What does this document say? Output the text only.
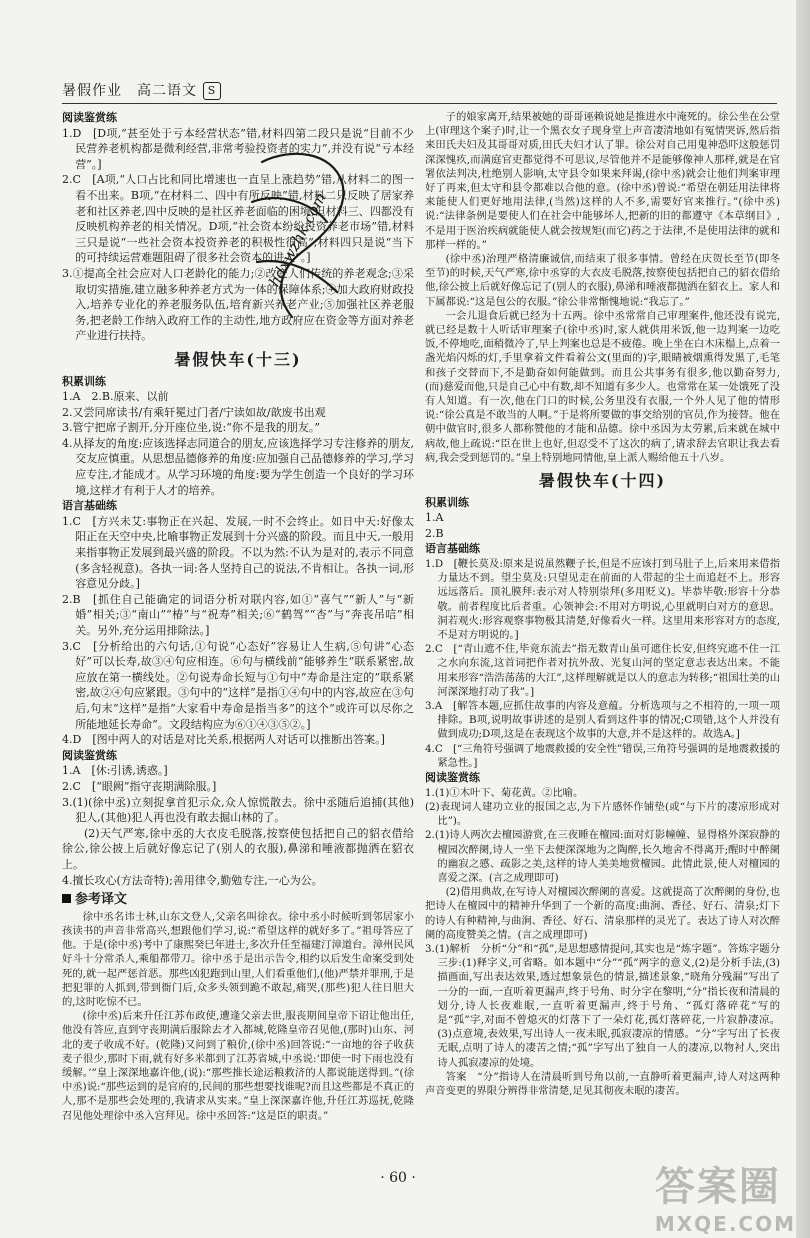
暑假作业　高二语文 S

阅读鉴赏练

1.D　[D项,“甚至处于亏本经营状态”错,材料四第二段只是说“目前不少民营养老机构都是微利经营,非常考验投资者的实力”,并没有说“亏本经营”。]

2.C　[A项,“人口占比和同比增速也一直呈上涨趋势”错,从材料二的图一看不出来。B项,“在材料二、四中有所反映”错,材料二只反映了居家养老和社区养老,四中反映的是社区养老面临的困境,但材料三、四都没有反映机构养老的相关情况。D项,“社会资本纷纷投资养老市场”错,材料三只是说“一些社会资本投资养老的积极性很高”,材料四只是说“当下的可持续运营难题阻碍了很多社会资本的进入”。]

3.①提高全社会应对人口老龄化的能力;②改变人们传统的养老观念;③采取切实措施,建立融多种养老方式为一体的保障体系;④加大政府财政投入,培养专业化的养老服务队伍,培育新兴养老产业;⑤加强社区养老服务,把老龄工作纳入政府工作的主动性,地方政府应在资金等方面对养老产业进行扶持。

暑假快车(十三)

积累训练

1.A　2.B.原来、以前

2.又尝同席读书/有乘轩冕过门者/宁读如故/歆废书出观

3.管宁把席子割开,分开座位坐,说:“你不是我的朋友。”

4.从择友的角度:应该选择志同道合的朋友,应该选择学习专注修养的朋友,交友应慎重。从思想品德修养的角度:应加强自己品德修养的学习,学习应专注,才能成才。从学习环境的角度:要为学生创造一个良好的学习环境,这样才有利于人才的培养。

语言基础练

1.C　[方兴未艾:事物正在兴起、发展,一时不会终止。如日中天:好像太阳正在天空中央,比喻事物正发展到十分兴盛的阶段。而且中天,一般用来指事物正发展到最兴盛的阶段。不以为然:不认为是对的,表示不同意(多含轻视意)。各执一词:各人坚持自己的说法,不肯相让。各执一词,形容意见分歧。]

2.B　[抓住自己能确定的词语分析对联内容,如①“喜气”“新人”与“新婚”相关;③“南山”“椿”与“祝寿”相关;⑥“鹤驾”“杏”与“奔丧吊唁”相关。另外,充分运用排除法。]

3.C　[分析给出的六句话,①句说“心态好”容易让人生病,⑤句讲“心态好”可以长寿,故③④句应相连。⑥句与横线前“能够养生”联系紧密,故应放在第一横线处。②句说寿命长短与①句中“寿命是注定的”联系紧密,故②④句应紧跟。③句中的“这样”是指①④句中的内容,故应在③句后,句末“这样”是指“大家看中寿命是指当多”的这个“或许可以尽你之所能地延长寿命”。文段结构应为⑥①④③⑤②。]

4.D　[图中两人的对话是对比关系,根据两人对话可以推断出答案。]

阅读鉴赏练

1.A　[休:引诱,诱惑。]

2.C　[“眼阙”指守丧期满除服。]

3.(1)(徐中丞)立刻捉拿首犯示众,众人惊慌散去。徐中丞随后追捕(其他)犯人,(其他)犯人再也没有敢去掘山林的了。

(2)天气严寒,徐中丞的大衣皮毛脱落,按察使包括把自己的貂衣借给徐公,徐公披上后就好像忘记了(别人的衣服),鼻涕和唾液都抛洒在貂衣上。

4.擅长攻心(方法奇特);善用律令,勤勉专注,一心为公。

参考译文

徐中丞名讳士林,山东文登人,父亲名叫徐衣。徐中丞小时候听到邻居家小孩读书的声音非常高兴,想跟他们学习,说:“希望这样的就好多了。”祖母答应了他。于是(徐中丞)考中了康熙癸巳年进士,多次升任至福建汀漳道台。漳州民风好斗十分常杀人,乘船都带刀。徐中丞于是出示告令,相约以后发生命案受到处死的,就一起严惩首恶。那些凶犯跑到山里,人们看重他们,(他)严禁并罪刑,于是把犯罪的人抓到,带到衙门后,众多头领到跪不敢起,痛哭,(那些)犯人往日胆大的,这时吃惊不已。

(徐中丞)后来升任江苏布政使,遭逢父亲去世,服丧期间皇帝下诏让他出任,他没有答应,直到守丧期满后服除去才入都城,乾隆皇帝召见他,(那时)山东、河北的麦子收成不好。(乾隆)又问到了粮价,(徐中丞)回答说:“一亩地的谷子收获麦子很少,那时下雨,就有好多米都到了江苏省城,中丞说:‘即使一时下雨也没有缓解。’”皇上深深地嘉许他,(说):“那些推长途运粮救济的人都说能送得到。”(徐中丞)说:“那些运到的是官府的,民间的那些想要找谁呢?而且这些都是不真正的人,那不是那些会处理的,我请求从实来。”皇上深深嘉许他,升任江苏巡抚,乾隆召见他处理徐中丞入宫拜见。徐中丞回答:“这是臣的职责。”

子的娘家离开,结果被她的哥哥诬赖说她是推进水中淹死的。徐公坐在公堂上(审理这个案子)时,让一个黑衣女子现身堂上声音凄清地如有冤情哭诉,然后指来田氏夫妇及其哥哥对质,田氏夫妇才认了罪。徐公对自己用鬼神恐吓这般惩罚深深愧疚,而满庭官吏都觉得不可思议,尽管他并不是能够像神人那样,就是在官署依法判决,杜绝别人影响,太守县令如果来拜谒,(徐中丞)就会让他们判案审理好了再来,但太守和县令都难以合他的意。(徐中丞)曾说:“希望在朝廷用法律将来能使人们更好地用法律,(当然)这样的人不多,需要好官来推行。”(徐中丞)说:“法律条例是要使人们在社会中能够坏人,把新的旧的都遵守《本草纲目》,不是用于医治疾病就能使人就会按规矩(而它)药之于法律,不是使用法律的就和那样一样的。”

(徐中丞)治理严格清廉诚信,而结束了很多事情。曾经在庆贺长至节(即冬至节)的时候,天气严寒,徐中丞穿的大衣皮毛脱落,按察使包括把自己的貂衣借给他,徐公披上后就好像忘记了(别人的衣服),鼻涕和唾液都抛洒在貂衣上。家人和下属都说:“这是包公的衣服。”徐公非常惭愧地说:“我忘了。”

一会儿退食后就已经为十五两。徐中丞常常自己审理案件,他还没有说完,就已经是数十人听话审理案子(徐中丞)时,家人就供用米饭,他一边判案一边吃饭,不停地吃,面稍微冷了,早上判案也总是不疲倦。晚上坐在白木床榻上,点着一盏光焰闪烁的灯,手里拿着文件看着公文(里面的)字,眼睛被烟熏得发黑了,毛笔和孩子交替而下,不是勤奋如何能做到。而且公共事务有很多,他以勤奋努力,(而)慈爱而他,只是自己心中有数,却不知道有多少人。也常常在某一处饿死了没有人知道。有一次,他在门口的时候,公务里没有衣服,一个外人见了他的情形说:“徐公真是不敢当的人啊。”于是将所要做的事交给别的官员,作为接替。他在朝中做官时,很多人都称赞他的才能和品德。徐中丞因为太劳累,后来就在城中病故,他上疏说:“臣在世上也好,但忍受不了这次的病了,请求辞去官职让我去看病,我会受到惩罚的。”皇上特别地同情他,皇上派人赐给他五十八岁。

暑假快车(十四)

积累训练

1.A

2.B

语言基础练

1.D　[鞭长莫及:原来是说虽然鞭子长,但是不应该打到马肚子上,后来用来借指力量达不到。望尘莫及:只望见走在前面的人带起的尘土而追赶不上。形容远远落后。顶礼膜拜:表示对人特别崇拜(多用贬义)。毕恭毕敬:形容十分恭敬。前者程度比后者重。心领神会:不用对方明说,心里就明白对方的意思。洞若观火:形容观察事物极其清楚,好像看火一样。这里用来形容对方的态度,不是对方明说的。]

2.C　[“青山遮不住,毕竟东流去”指无数青山虽可遮住长安,但终究遮不住一江之水向东流,这首词把作者对抗外敌、光复山河的坚定意志表达出来。不能用来形容“浩浩荡荡的大江”,这样理解就是以人的意志为转移;“祖国壮美的山河深深地打动了我”。]

3.A　[解答本题,应抓住故事的内容及意蕴。分析选项与之不相符的,一项一项排除。B项,说明故事讲述的是别人看到这件事的情况;C项错,这个人并没有做到成功;D项,这是在表现这个故事的大意,并不是这样的。故选A。]

4.C　[“三角符号强调了地震救援的安全性”错误,三角符号强调的是地震救援的紧急性。]

阅读鉴赏练

1.(1)①木叶下、菊花黄。②比喻。

(2)表现词人建功立业的报国之志,为下片感怀作铺垫(或“与下片的凄凉形成对比”)。

2.(1)诗人两次去檀园游赏,在三夜睡在檀园:面对灯影幢幢、显得格外深寂静的檀园次醉阑,诗人一坐下去便深深地为之陶醉,长久地舍不得离开;醒时中醉阑的幽寂之感、疏影之美,这样的诗人美美地赏檀园。此情此景,使人对檀园的喜爱之深。(言之成理即可)

(2)借用典故,在写诗人对檀园次醉阑的喜爱。这就提高了次醉阑的身份,也把诗人在檀园中的精神升华到了一个新的高度:曲涧、香径、好石、清泉;灯下的诗人有种精神,与曲涧、香径、好石、清泉那样的灵光了。表达了诗人对次醉阑的高度赞美之情。(言之成理即可)

3.(1)解析　分析“分”和“孤”,是思想感情提问,其实也是“炼字题”。答炼字题分三步:(1)释字义,可省略。如本题中“分”“孤”两字的意义,(2)是分析手法,(3)描画面,写出表达效果,透过想象景色的情景,描述景象,“晓角分残漏”写出了一分的一面,一直听着更漏声,终于号角、时分字在黎明,“分”指长夜和清晨的划分,诗人长夜难眠,一直听着更漏声,终于号角、“孤灯落碎花”写的是“孤”字,对面不曾熄灭的灯落下了一朵灯花,孤灯落碎花,一片寂静凄凉。(3)点意境,表效果,写出诗人一夜未眠,孤寂凄凉的情感。“分”字写出了长夜无眠,点明了诗人的凄苦之情;“孤”字写出了独自一人的凄凉,以物衬人,突出诗人孤寂凄凉的处境。

答案　“分”指诗人在清晨听到号角以前,一直静听着更漏声,诗人对这两种声音变更的界限分辨得非常清楚,足见其彻夜未眠的凄苦。

hdxwzhk.com
· 60 ·	答案圈
MXQE.COM
